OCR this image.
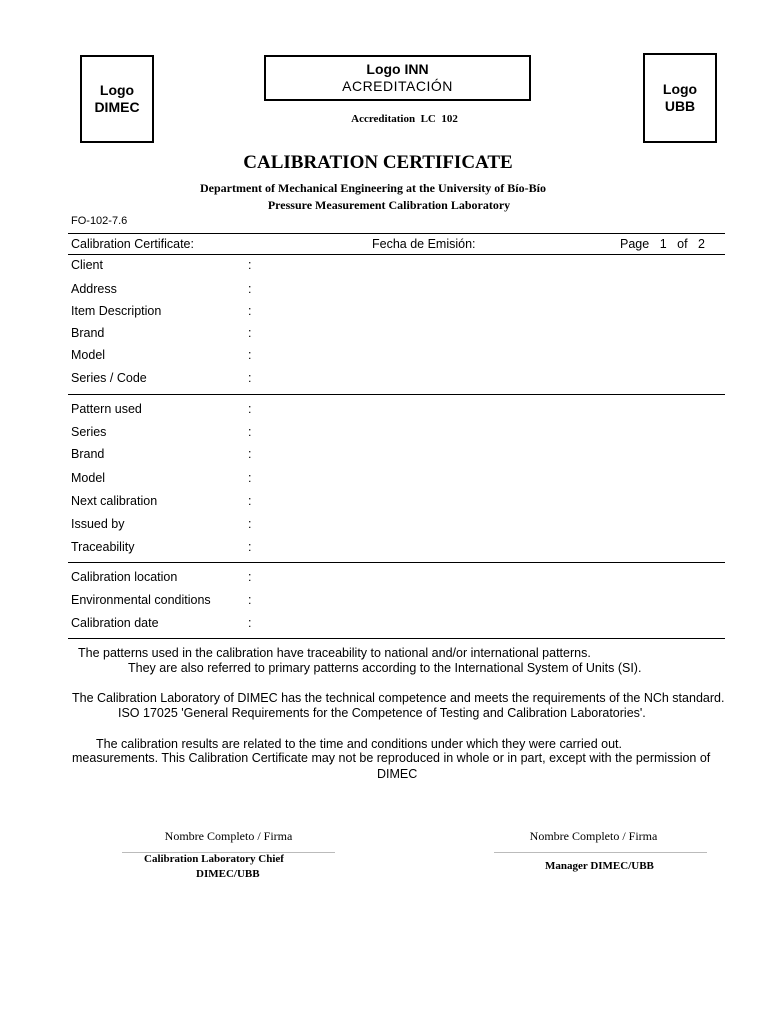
Logo
DIMEC
Logo INN
ACREDITACIÓN	Logo
UBB
Accreditation  LC  102
CALIBRATION CERTIFICATE
Department of Mechanical Engineering at the University of Bío-Bío
Pressure Measurement Calibration Laboratory
FO-102-7.6
Calibration Certificate:	Fecha de Emisión:	Page 1 of 2
Client	:
Address	:
Item Description	:
Brand	:
Model	:
Series / Code	:
Pattern used	:
Series	:
Brand	:
Model	:
Next calibration	:
Issued by	:
Traceability	:
Calibration location	:
Environmental conditions	:
Calibration date	:
The patterns used in the calibration have traceability to national and/or international patterns.
They are also referred to primary patterns according to the International System of Units (SI).
The Calibration Laboratory of DIMEC has the technical competence and meets the requirements of the NCh standard.
ISO 17025 'General Requirements for the Competence of Testing and Calibration Laboratories'.
The calibration results are related to the time and conditions under which they were carried out.
measurements. This Calibration Certificate may not be reproduced in whole or in part, except with the permission of
DIMEC
Nombre Completo / Firma
Calibration Laboratory Chief
DIMEC/UBB
Nombre Completo / Firma
Manager DIMEC/UBB
